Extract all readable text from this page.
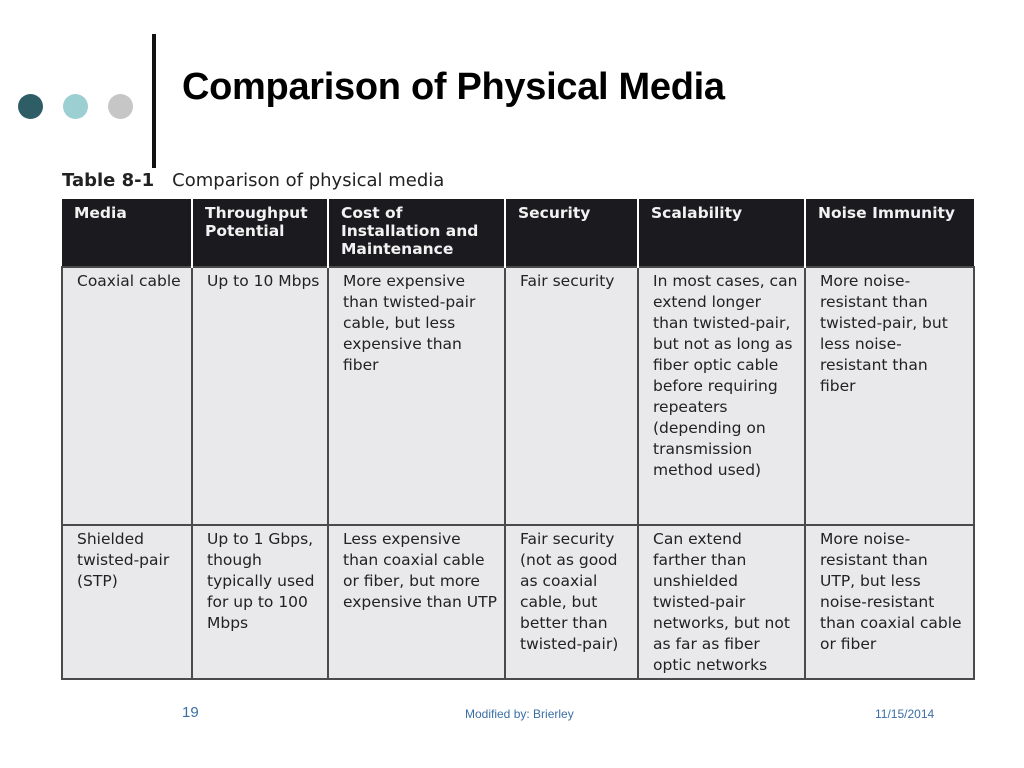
Comparison of Physical Media
Table 8-1 Comparison of physical media
Media	Throughput Potential	Cost of Installation and Maintenance	Security	Scalability	Noise Immunity
Coaxial cable	Up to 10 Mbps	More expensive than twisted-pair cable, but less expensive than fiber	Fair security	In most cases, can extend longer than twisted-pair, but not as long as fiber optic cable before requiring repeaters (depending on transmission method used)	More noise-resistant than twisted-pair, but less noise-resistant than fiber
Shielded twisted-pair (STP)	Up to 1 Gbps, though typically used for up to 100 Mbps	Less expensive than coaxial cable or fiber, but more expensive than UTP	Fair security (not as good as coaxial cable, but better than twisted-pair)	Can extend farther than unshielded twisted-pair networks, but not as far as fiber optic networks	More noise-resistant than UTP, but less noise-resistant than coaxial cable or fiber
19	Modified by: Brierley	11/15/2014
